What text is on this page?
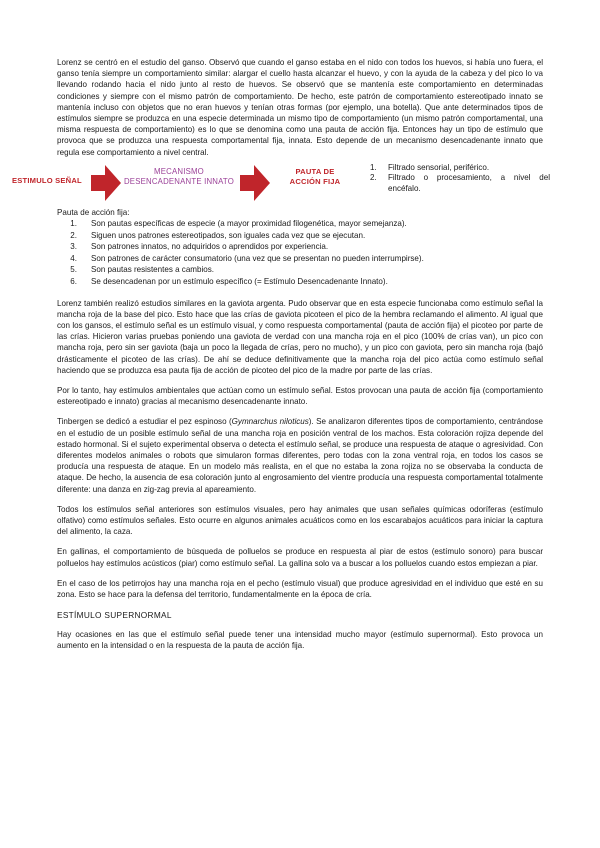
Lorenz se centró en el estudio del ganso. Observó que cuando el ganso estaba en el nido con todos los huevos, si había uno fuera, el ganso tenía siempre un comportamiento similar: alargar el cuello hasta alcanzar el huevo, y con la ayuda de la cabeza y del pico lo va llevando rodando hacia el nido junto al resto de huevos. Se observó que se mantenía este comportamiento en determinadas condiciones y siempre con el mismo patrón de comportamiento. De hecho, este patrón de comportamiento estereotipado innato se mantenía incluso con objetos que no eran huevos y tenían otras formas (por ejemplo, una botella). Que ante determinados tipos de estímulos siempre se produzca en una especie determinada un mismo tipo de comportamiento (un mismo patrón comportamental, una misma respuesta de comportamiento) es lo que se denomina como una pauta de acción fija. Entonces hay un tipo de estímulo que provoca que se produzca una respuesta comportamental fija, innata. Esto depende de un mecanismo desencadenante innato que regula ese comportamiento a nivel central.

ESTIMULO SEÑAL
MECANISMO
DESENCADENANTE INNATO
PAUTA DE
ACCIÓN FIJA
1.	Filtrado sensorial, periférico.
2.	Filtrado o procesamiento, a nivel del encéfalo.
Pauta de acción fija:
1.	Son pautas específicas de especie (a mayor proximidad filogenética, mayor semejanza).
2.	Siguen unos patrones estereotipados, son iguales cada vez que se ejecutan.
3.	Son patrones innatos, no adquiridos o aprendidos por experiencia.
4.	Son patrones de carácter consumatorio (una vez que se presentan no pueden interrumpirse).
5.	Son pautas resistentes a cambios.
6.	Se desencadenan por un estímulo específico (= Estímulo Desencadenante Innato).

Lorenz también realizó estudios similares en la gaviota argenta. Pudo observar que en esta especie funcionaba como estímulo señal la mancha roja de la base del pico. Esto hace que las crías de gaviota picoteen el pico de la hembra reclamando el alimento. Al igual que con los gansos, el estímulo señal es un estímulo visual, y como respuesta comportamental (pauta de acción fija) el picoteo por parte de las crías. Hicieron varias pruebas poniendo una gaviota de verdad con una mancha roja en el pico (100% de crías van), un pico con mancha roja, pero sin ser gaviota (baja un poco la llegada de crías, pero no mucho), y un pico con gaviota, pero sin mancha roja (bajó drásticamente el picoteo de las crías). De ahí se deduce definitivamente que la mancha roja del pico actúa como estímulo señal haciendo que se produzca esa pauta fija de acción de picoteo del pico de la madre por parte de las crías.

Por lo tanto, hay estímulos ambientales que actúan como un estímulo señal. Estos provocan una pauta de acción fija (comportamiento estereotipado e innato) gracias al mecanismo desencadenante innato.

Tinbergen se dedicó a estudiar el pez espinoso (Gymnarchus niloticus). Se analizaron diferentes tipos de comportamiento, centrándose en el estudio de un posible estímulo señal de una mancha roja en posición ventral de los machos. Esta coloración rojiza depende del estado hormonal. Si el sujeto experimental observa o detecta el estímulo señal, se produce una respuesta de ataque o agresividad. Con diferentes modelos animales o robots que simularon formas diferentes, pero todas con la zona ventral roja, en todos los casos se producía una respuesta de ataque. En un modelo más realista, en el que no estaba la zona rojiza no se observaba la conducta de ataque. De hecho, la ausencia de esa coloración junto al engrosamiento del vientre producía una respuesta comportamental totalmente diferente: una danza en zig-zag previa al apareamiento.

Todos los estímulos señal anteriores son estímulos visuales, pero hay animales que usan señales químicas odoríferas (estímulo olfativo) como estímulos señales. Esto ocurre en algunos animales acuáticos como en los escarabajos acuáticos para iniciar la captura del alimento, la caza.

En gallinas, el comportamiento de búsqueda de polluelos se produce en respuesta al piar de estos (estímulo sonoro) para buscar polluelos hay estímulos acústicos (piar) como estímulo señal. La gallina solo va a buscar a los polluelos cuando estos empiezan a piar.

En el caso de los petirrojos hay una mancha roja en el pecho (estímulo visual) que produce agresividad en el individuo que esté en su zona. Esto se hace para la defensa del territorio, fundamentalmente en la época de cría.

ESTÍMULO SUPERNORMAL

Hay ocasiones en las que el estímulo señal puede tener una intensidad mucho mayor (estímulo supernormal). Esto provoca un aumento en la intensidad o en la respuesta de la pauta de acción fija.
